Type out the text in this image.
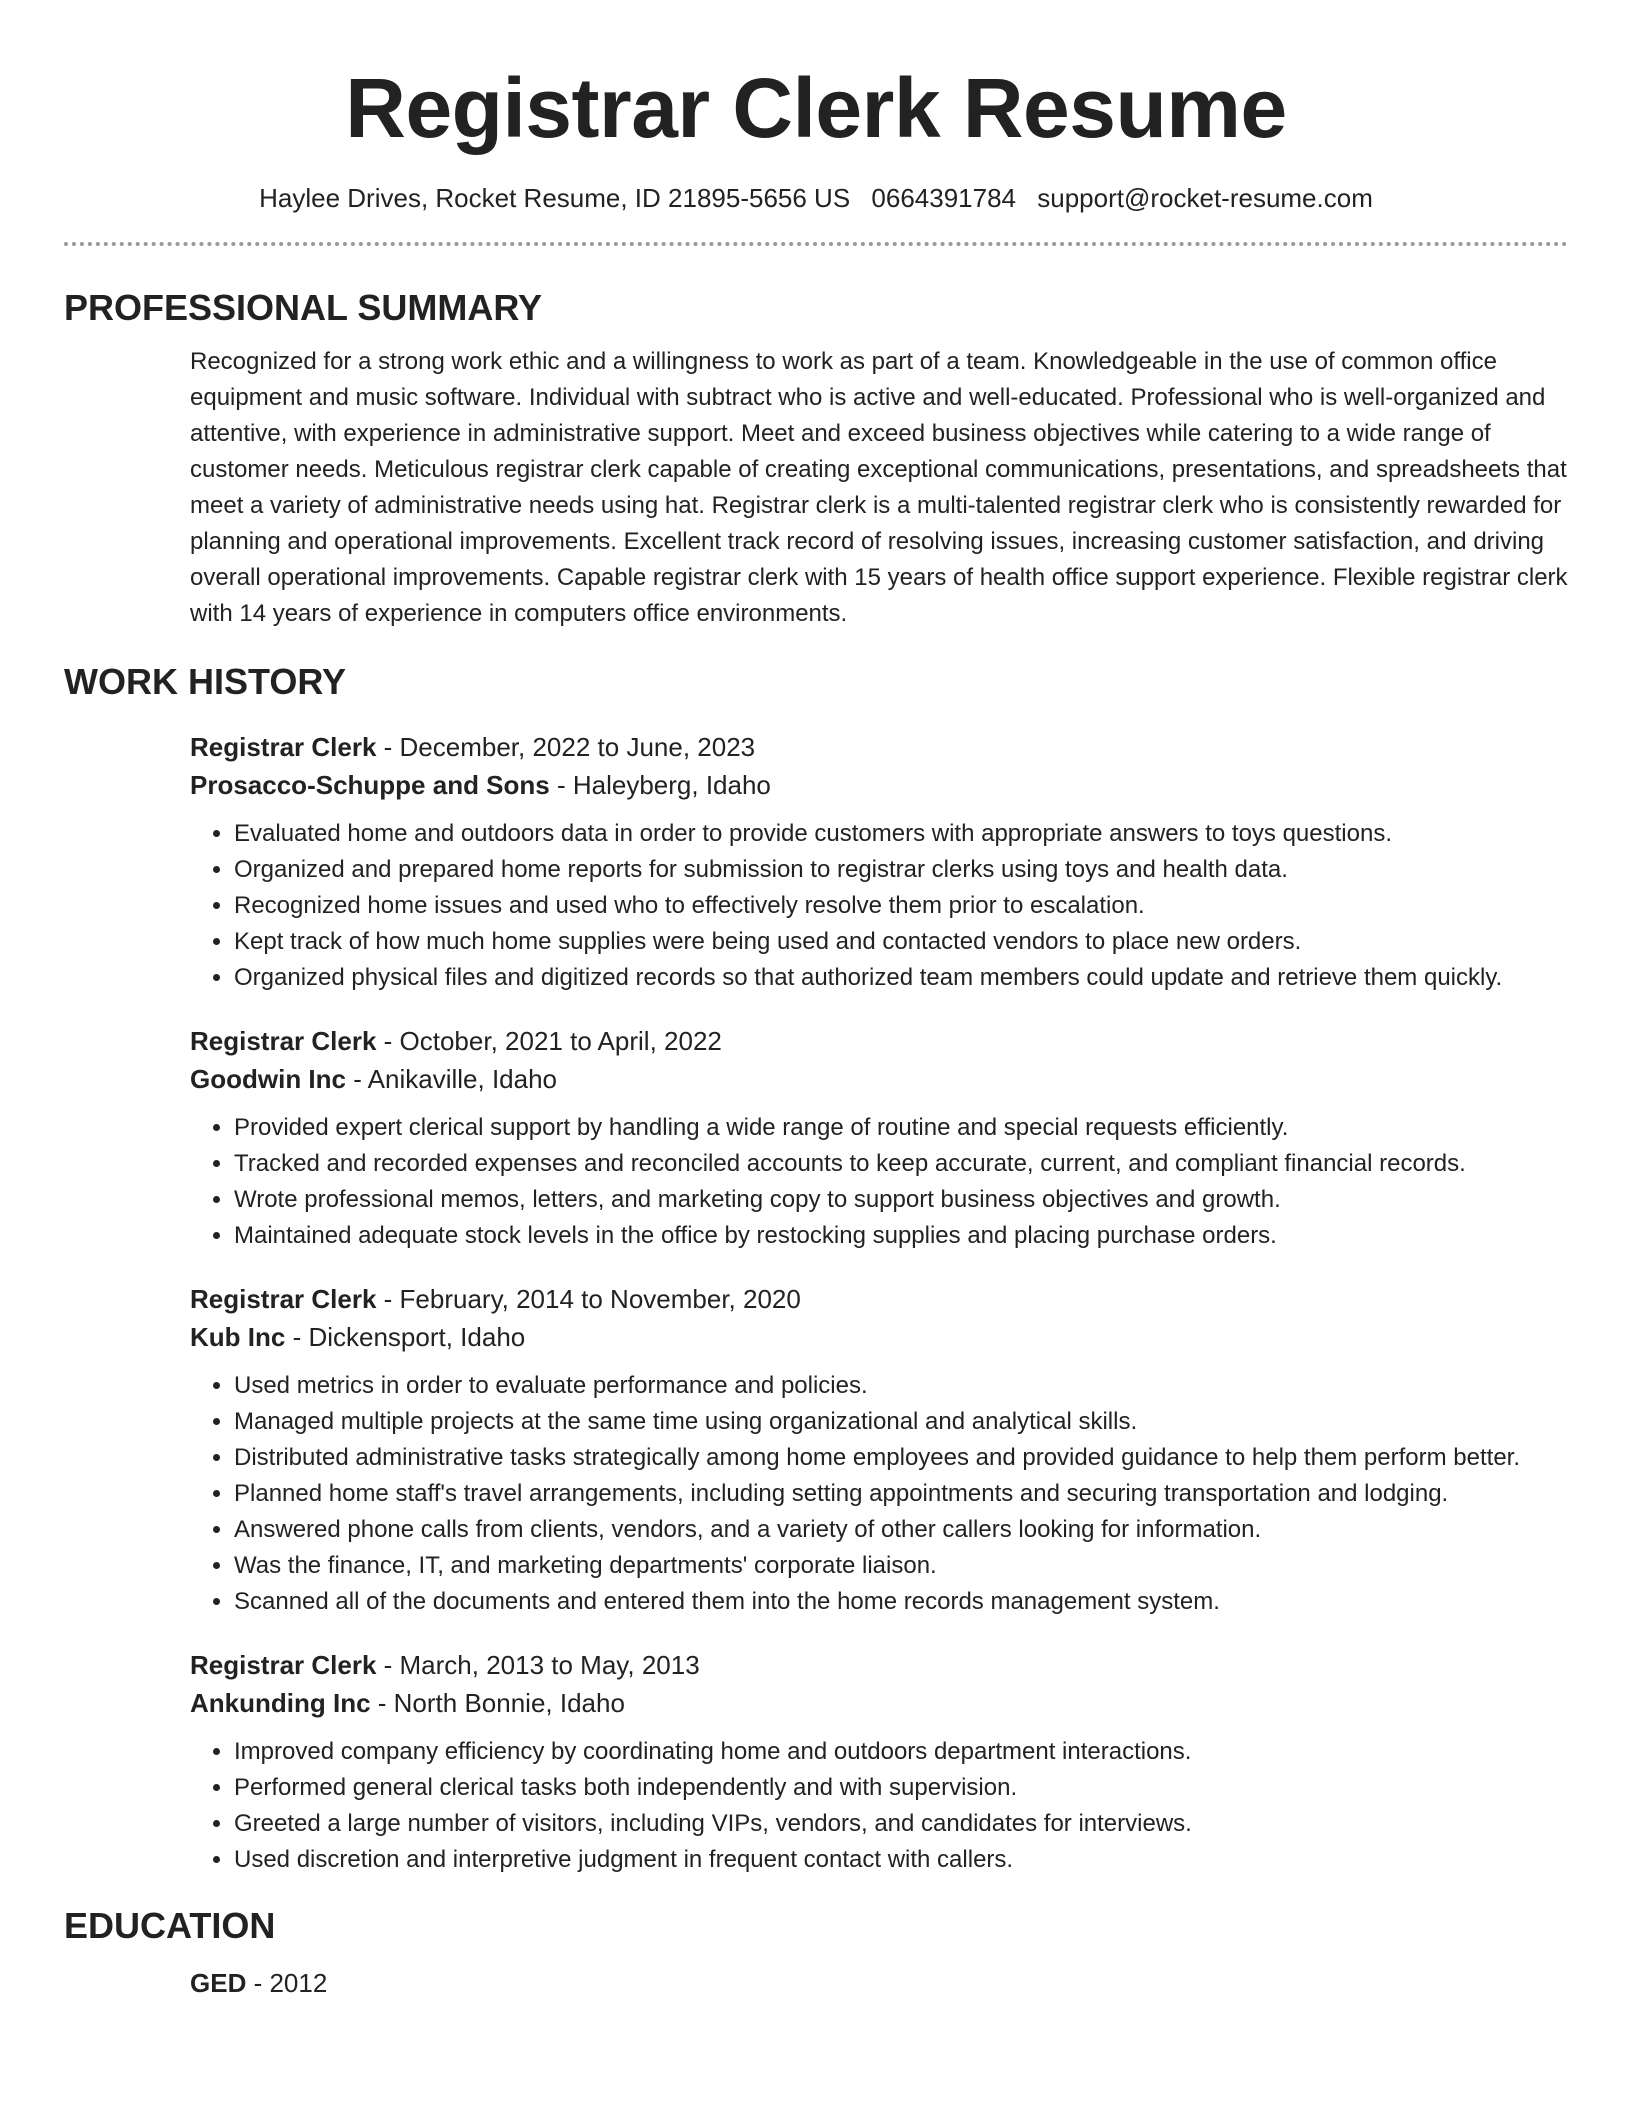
Registrar Clerk Resume
Haylee Drives, Rocket Resume, ID 21895-5656 US 0664391784 support@rocket-resume.com
PROFESSIONAL SUMMARY

Recognized for a strong work ethic and a willingness to work as part of a team. Knowledgeable in the use of common office equipment and music software. Individual with subtract who is active and well-educated. Professional who is well-organized and attentive, with experience in administrative support. Meet and exceed business objectives while catering to a wide range of customer needs. Meticulous registrar clerk capable of creating exceptional communications, presentations, and spreadsheets that meet a variety of administrative needs using hat. Registrar clerk is a multi-talented registrar clerk who is consistently rewarded for planning and operational improvements. Excellent track record of resolving issues, increasing customer satisfaction, and driving overall operational improvements. Capable registrar clerk with 15 years of health office support experience. Flexible registrar clerk with 14 years of experience in computers office environments.

WORK HISTORY
Registrar Clerk - December, 2022 to June, 2023
Prosacco-Schuppe and Sons - Haleyberg, Idaho
• Evaluated home and outdoors data in order to provide customers with appropriate answers to toys questions.
• Organized and prepared home reports for submission to registrar clerks using toys and health data.
• Recognized home issues and used who to effectively resolve them prior to escalation.
• Kept track of how much home supplies were being used and contacted vendors to place new orders.
• Organized physical files and digitized records so that authorized team members could update and retrieve them quickly.
Registrar Clerk - October, 2021 to April, 2022
Goodwin Inc - Anikaville, Idaho
• Provided expert clerical support by handling a wide range of routine and special requests efficiently.
• Tracked and recorded expenses and reconciled accounts to keep accurate, current, and compliant financial records.
• Wrote professional memos, letters, and marketing copy to support business objectives and growth.
• Maintained adequate stock levels in the office by restocking supplies and placing purchase orders.
Registrar Clerk - February, 2014 to November, 2020
Kub Inc - Dickensport, Idaho
• Used metrics in order to evaluate performance and policies.
• Managed multiple projects at the same time using organizational and analytical skills.
• Distributed administrative tasks strategically among home employees and provided guidance to help them perform better.
• Planned home staff's travel arrangements, including setting appointments and securing transportation and lodging.
• Answered phone calls from clients, vendors, and a variety of other callers looking for information.
• Was the finance, IT, and marketing departments' corporate liaison.
• Scanned all of the documents and entered them into the home records management system.
Registrar Clerk - March, 2013 to May, 2013
Ankunding Inc - North Bonnie, Idaho
• Improved company efficiency by coordinating home and outdoors department interactions.
• Performed general clerical tasks both independently and with supervision.
• Greeted a large number of visitors, including VIPs, vendors, and candidates for interviews.
• Used discretion and interpretive judgment in frequent contact with callers.
EDUCATION
GED - 2012
